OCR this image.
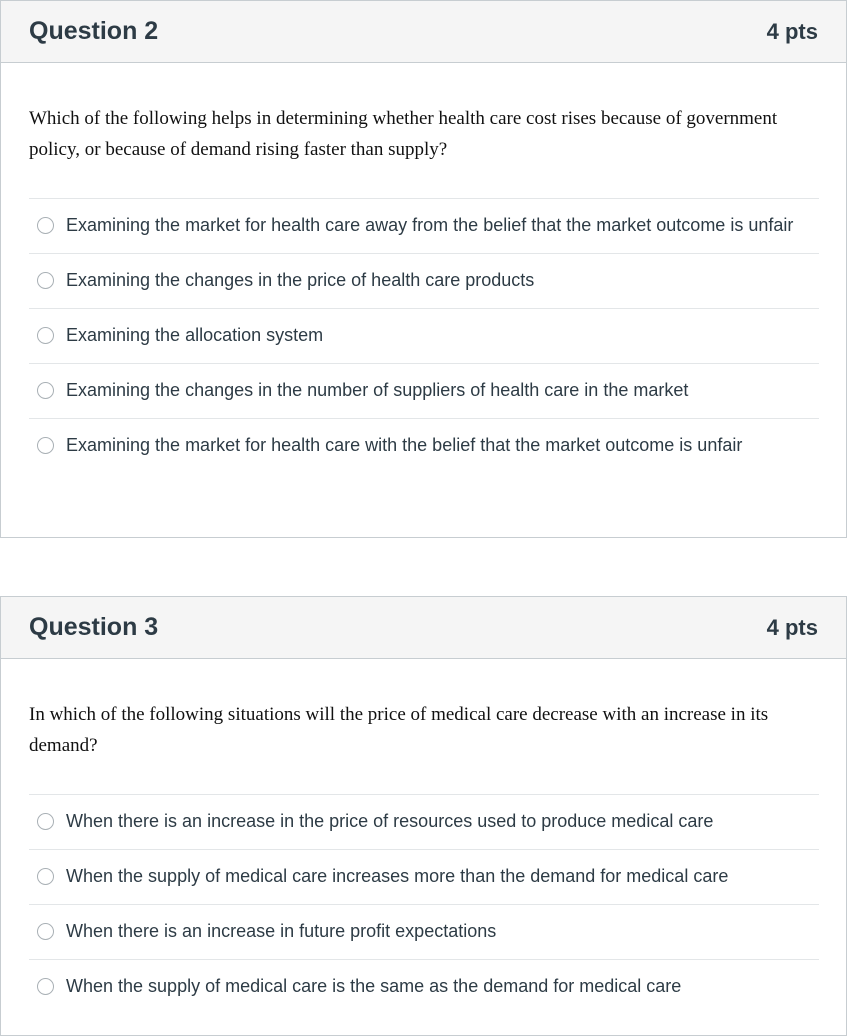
Question 2	4 pts
Which of the following helps in determining whether health care cost rises because of government policy, or because of demand rising faster than supply?
Examining the market for health care away from the belief that the market outcome is unfair
Examining the changes in the price of health care products
Examining the allocation system
Examining the changes in the number of suppliers of health care in the market
Examining the market for health care with the belief that the market outcome is unfair
Question 3	4 pts
In which of the following situations will the price of medical care decrease with an increase in its demand?
When there is an increase in the price of resources used to produce medical care
When the supply of medical care increases more than the demand for medical care
When there is an increase in future profit expectations
When the supply of medical care is the same as the demand for medical care
